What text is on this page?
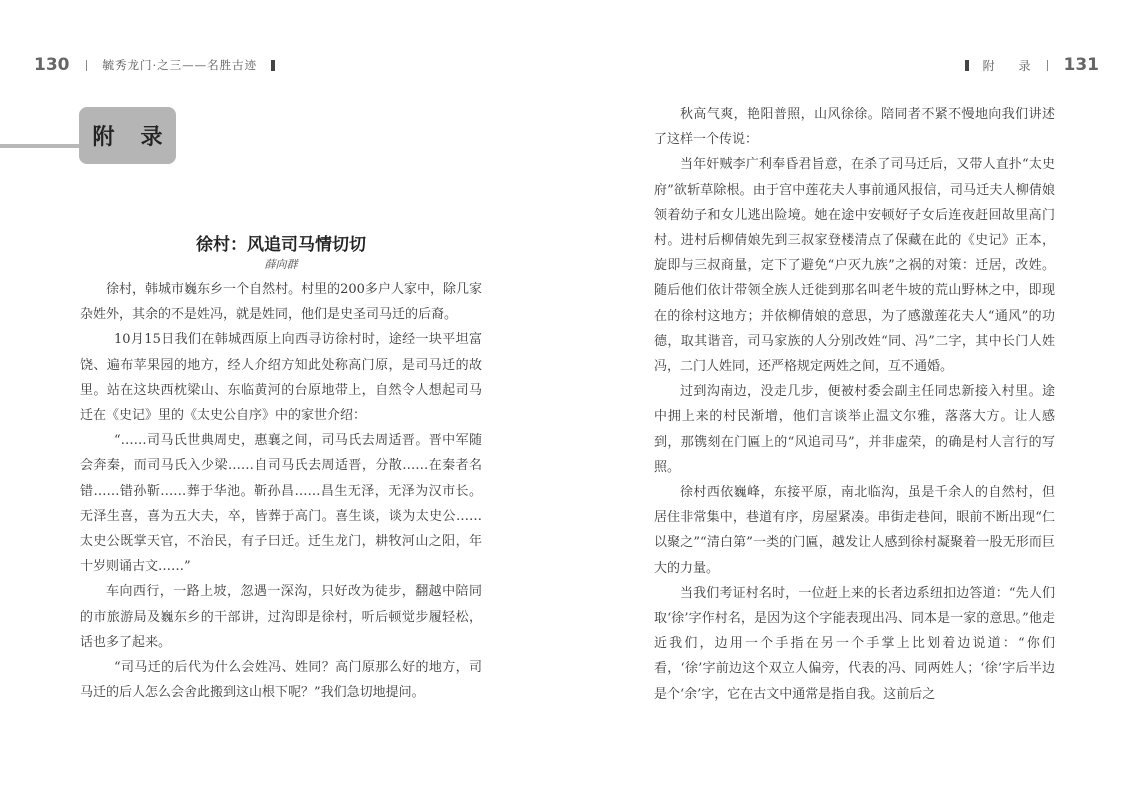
130	毓秀龙门·之三——名胜古迹	附 录 131
附录
徐村：风追司马情切切
薛向群

徐村，韩城市巍东乡一个自然村。村里的200多户人家中，除几家杂姓外，其余的不是姓冯，就是姓同，他们是史圣司马迁的后裔。

10月15日我们在韩城西原上向西寻访徐村时，途经一块平坦富饶、遍布苹果园的地方，经人介绍方知此处称高门原，是司马迁的故里。站在这块西枕梁山、东临黄河的台原地带上，自然令人想起司马迁在《史记》里的《太史公自序》中的家世介绍：

“……司马氏世典周史，惠襄之间，司马氏去周适晋。晋中军随会奔秦，而司马氏入少梁……自司马氏去周适晋，分散……在秦者名错……错孙靳……葬于华池。靳孙昌……昌生无泽，无泽为汉市长。无泽生喜，喜为五大夫，卒，皆葬于高门。喜生谈，谈为太史公……太史公既掌天官，不治民，有子曰迁。迁生龙门，耕牧河山之阳，年十岁则诵古文……”

车向西行，一路上坡，忽遇一深沟，只好改为徒步，翻越中陪同的市旅游局及巍东乡的干部讲，过沟即是徐村，听后顿觉步履轻松，话也多了起来。

“司马迁的后代为什么会姓冯、姓同？高门原那么好的地方，司马迁的后人怎么会舍此搬到这山根下呢？”我们急切地提问。

秋高气爽，艳阳普照，山风徐徐。陪同者不紧不慢地向我们讲述了这样一个传说：

当年奸贼李广利奉昏君旨意，在杀了司马迁后，又带人直扑“太史府”欲斩草除根。由于宫中莲花夫人事前通风报信，司马迁夫人柳倩娘领着幼子和女儿逃出险境。她在途中安顿好子女后连夜赶回故里高门村。进村后柳倩娘先到三叔家登楼清点了保藏在此的《史记》正本，旋即与三叔商量，定下了避免“户灭九族”之祸的对策：迁居，改姓。随后他们依计带领全族人迁徙到那名叫老牛坡的荒山野林之中，即现在的徐村这地方；并依柳倩娘的意思，为了感激莲花夫人“通风”的功德，取其谐音，司马家族的人分别改姓“同、冯”二字，其中长门人姓冯，二门人姓同，还严格规定两姓之间，互不通婚。

过到沟南边，没走几步，便被村委会副主任同忠新接入村里。途中拥上来的村民渐增，他们言谈举止温文尔雅，落落大方。让人感到，那镌刻在门匾上的“风追司马”，并非虚荣，的确是村人言行的写照。

徐村西依巍峰，东接平原，南北临沟，虽是千余人的自然村，但居住非常集中，巷道有序，房屋紧凑。串街走巷间，眼前不断出现“仁以聚之”“清白第”一类的门匾，越发让人感到徐村凝聚着一股无形而巨大的力量。

当我们考证村名时，一位赶上来的长者边系纽扣边答道：“先人们取‘徐’字作村名，是因为这个字能表现出冯、同本是一家的意思。”他走近我们，边用一个手指在另一个手掌上比划着边说道：“你们看，‘徐’字前边这个双立人偏旁，代表的冯、同两姓人；‘徐’字后半边是个‘余’字，它在古文中通常是指自我。这前后之
